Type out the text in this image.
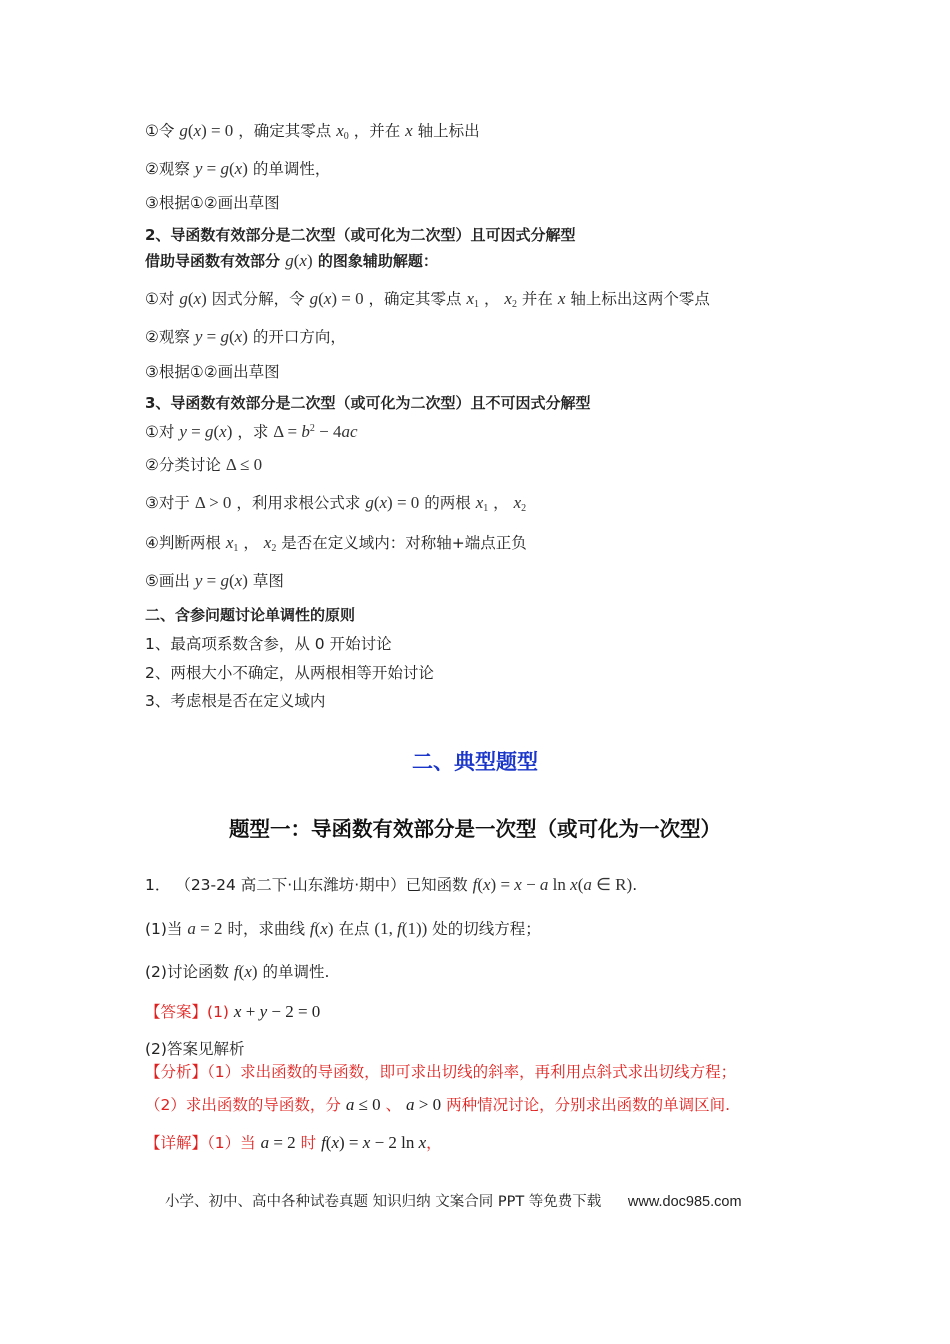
①令 g(x) = 0 ，确定其零点 $x_0$ ，并在 x 轴上标出
②观察 y = g(x) 的单调性，
③根据①②画出草图
2、导函数有效部分是二次型（或可化为二次型）且可因式分解型
借助导函数有效部分 g(x) 的图象辅助解题：
①对 g(x) 因式分解，令 g(x) = 0 ，确定其零点 $x_1$ ， $x_2$ 并在 x 轴上标出这两个零点
②观察 y = g(x) 的开口方向，
③根据①②画出草图
3、导函数有效部分是二次型（或可化为二次型）且不可因式分解型
①对 y = g(x) ，求 $\Delta = b^2 - 4ac$
②分类讨论 Δ ≤ 0
③对于 Δ > 0 ，利用求根公式求 g(x) = 0 的两根 $x_1$ ， $x_2$
④判断两根 $x_1$ ， $x_2$ 是否在定义域内：对称轴+端点正负
⑤画出 y = g(x) 草图
二、含参问题讨论单调性的原则
1、最高项系数含参，从 0 开始讨论
2、两根大小不确定，从两根相等开始讨论
3、考虑根是否在定义域内
二、典型题型
题型一：导函数有效部分是一次型（或可化为一次型）
1． （23-24 高二下·山东潍坊·期中）已知函数 f(x) = x − a ln x(a ∈ R).
(1)当 a = 2 时，求曲线 f(x) 在点 (1, f(1)) 处的切线方程；
(2)讨论函数 f(x) 的单调性.
【答案】(1) x + y − 2 = 0
(2)答案见解析
【分析】（1）求出函数的导函数，即可求出切线的斜率，再利用点斜式求出切线方程；
（2）求出函数的导函数，分 a ≤ 0 、 a > 0 两种情况讨论，分别求出函数的单调区间.
【详解】（1）当 a = 2 时 f(x) = x − 2 ln x，
小学、初中、高中各种试卷真题 知识归纳 文案合同 PPT 等免费下载 www.doc985.com
